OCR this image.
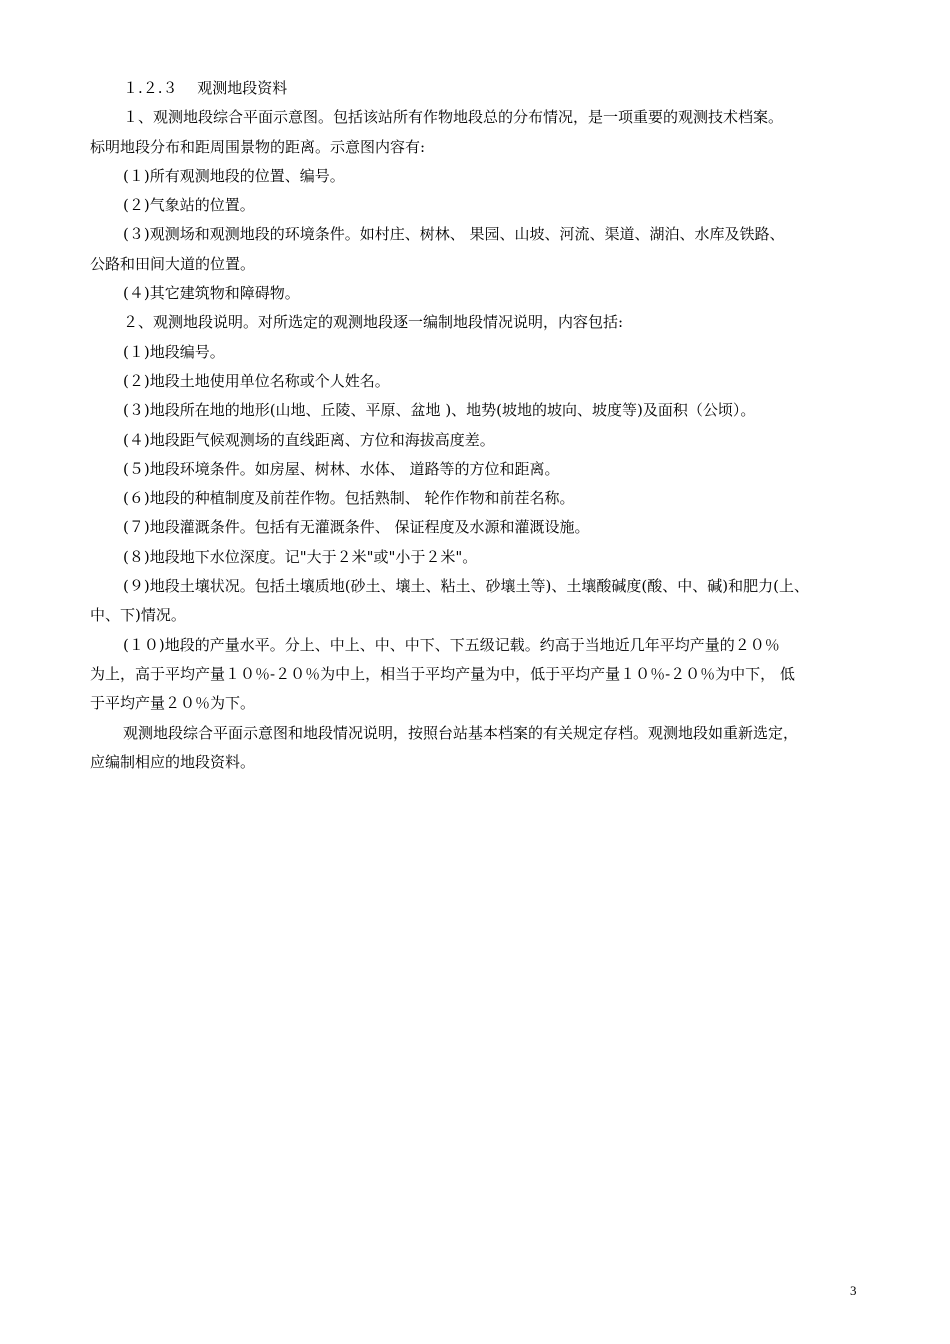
１.２.３　 观测地段资料
１、观测地段综合平面示意图。包括该站所有作物地段总的分布情况，是一项重要的观测技术档案。
标明地段分布和距周围景物的距离。示意图内容有:
(１)所有观测地段的位置、编号。
(２)气象站的位置。
(３)观测场和观测地段的环境条件。如村庄、树林、 果园、山坡、河流、渠道、湖泊、水库及铁路、
公路和田间大道的位置。
(４)其它建筑物和障碍物。
２、观测地段说明。对所选定的观测地段逐一编制地段情况说明，内容包括:
(１)地段编号。
(２)地段土地使用单位名称或个人姓名。
(３)地段所在地的地形(山地、丘陵、平原、盆地 )、地势(坡地的坡向、坡度等)及面积（公顷）。
(４)地段距气候观测场的直线距离、方位和海拔高度差。
(５)地段环境条件。如房屋、树林、水体、 道路等的方位和距离。
(６)地段的种植制度及前茬作物。包括熟制、 轮作作物和前茬名称。
(７)地段灌溉条件。包括有无灌溉条件、 保证程度及水源和灌溉设施。
(８)地段地下水位深度。记"大于２米"或"小于２米"。
(９)地段土壤状况。包括土壤质地(砂土、壤土、粘土、砂壤土等)、土壤酸碱度(酸、中、碱)和肥力(上、
中、下)情况。
(１０)地段的产量水平。分上、中上、中、中下、下五级记载。约高于当地近几年平均产量的２０％
为上，高于平均产量１０％-２０％为中上，相当于平均产量为中，低于平均产量１０％-２０％为中下， 低
于平均产量２０％为下。
观测地段综合平面示意图和地段情况说明，按照台站基本档案的有关规定存档。观测地段如重新选定，
应编制相应的地段资料。
3
